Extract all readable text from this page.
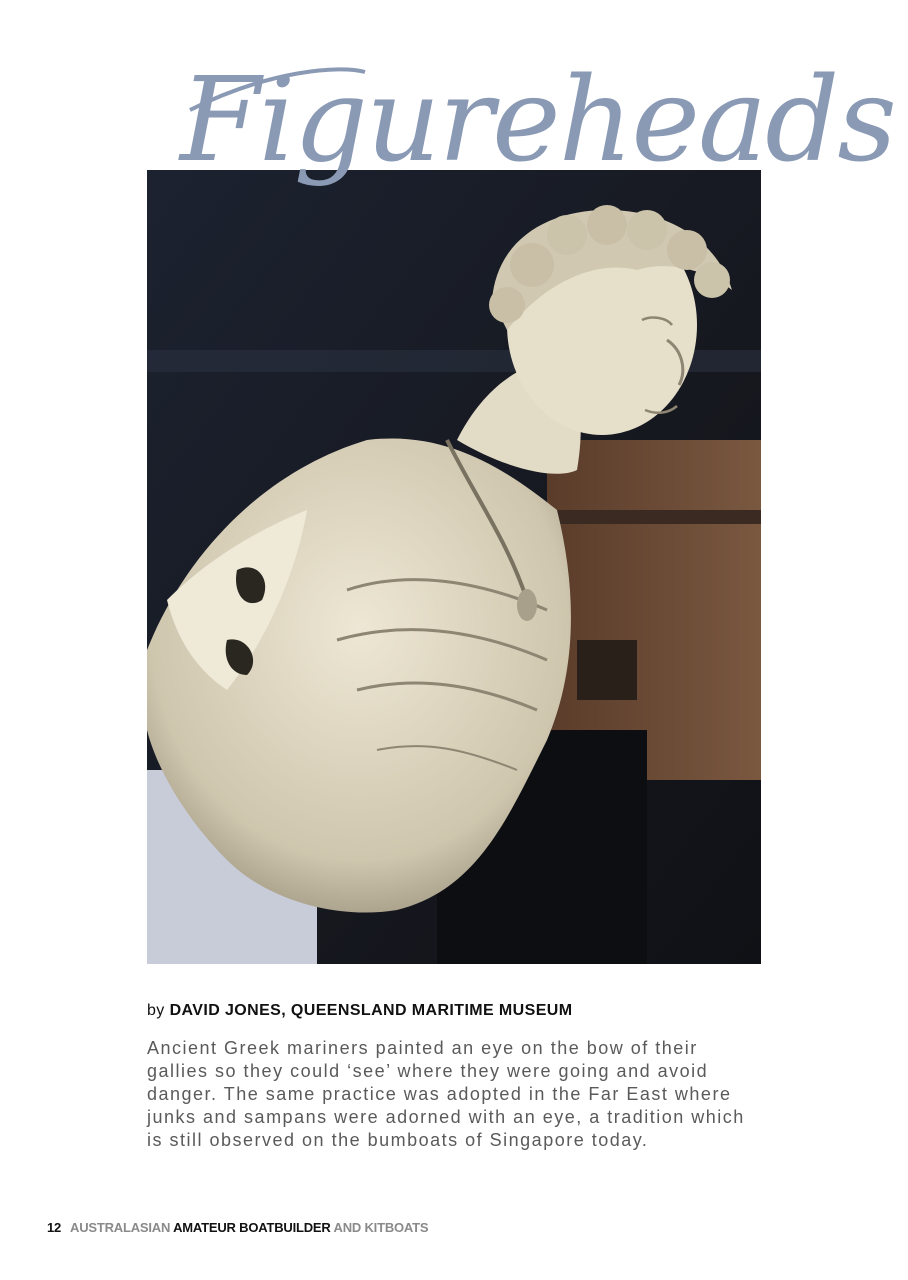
Figureheads
by DAVID JONES, QUEENSLAND MARITIME MUSEUM
Ancient Greek mariners painted an eye on the bow of their
gallies so they could ‘see’ where they were going and avoid
danger. The same practice was adopted in the Far East where
junks and sampans were adorned with an eye, a tradition which
is still observed on the bumboats of Singapore today.
12 AUSTRALASIAN AMATEUR BOATBUILDER AND KITBOATS
